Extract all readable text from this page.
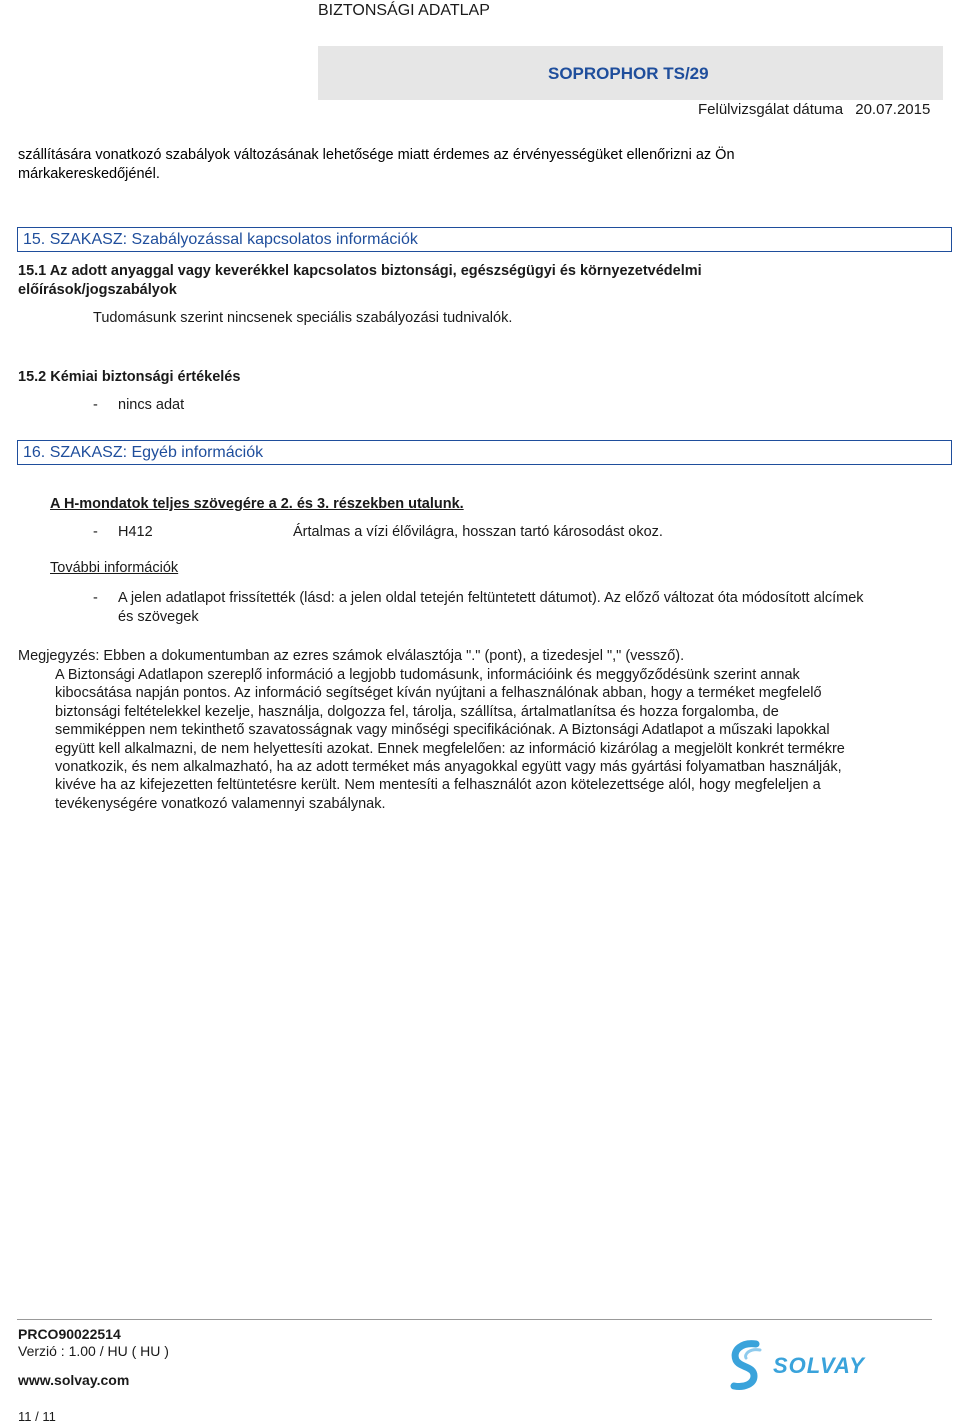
BIZTONSÁGI ADATLAP
SOPROPHOR TS/29
Felülvizsgálat dátuma 20.07.2015
szállítására vonatkozó szabályok változásának lehetősége miatt érdemes az érvényességüket ellenőrizni az Ön
márkakereskedőjénél.
15. SZAKASZ: Szabályozással kapcsolatos információk
15.1 Az adott anyaggal vagy keverékkel kapcsolatos biztonsági, egészségügyi és környezetvédelmi
előírások/jogszabályok
Tudomásunk szerint nincsenek speciális szabályozási tudnivalók.
15.2 Kémiai biztonsági értékelés
- nincs adat
16. SZAKASZ: Egyéb információk
A H-mondatok teljes szövegére a 2. és 3. részekben utalunk.
- H412	Ártalmas a vízi élővilágra, hosszan tartó károsodást okoz.
További információk
-	A jelen adatlapot frissítették (lásd: a jelen oldal tetején feltüntetett dátumot). Az előző változat óta módosított alcímek
és szövegek
Megjegyzés: Ebben a dokumentumban az ezres számok elválasztója "." (pont), a tizedesjel "," (vessző).
A Biztonsági Adatlapon szereplő információ a legjobb tudomásunk, információink és meggyőződésünk szerint annak
kibocsátása napján pontos. Az információ segítséget kíván nyújtani a felhasználónak abban, hogy a terméket megfelelő
biztonsági feltételekkel kezelje, használja, dolgozza fel, tárolja, szállítsa, ártalmatlanítsa és hozza forgalomba, de
semmiképpen nem tekinthető szavatosságnak vagy minőségi specifikációnak. A Biztonsági Adatlapot a műszaki lapokkal
együtt kell alkalmazni, de nem helyettesíti azokat. Ennek megfelelően: az információ kizárólag a megjelölt konkrét termékre
vonatkozik, és nem alkalmazható, ha az adott terméket más anyagokkal együtt vagy más gyártási folyamatban használják,
kivéve ha az kifejezetten feltüntetésre került. Nem mentesíti a felhasználót azon kötelezettsége alól, hogy megfeleljen a
tevékenységére vonatkozó valamennyi szabálynak.
PRCO90022514
Verzió : 1.00 / HU ( HU )
www.solvay.com
11 / 11
SOLVAY
